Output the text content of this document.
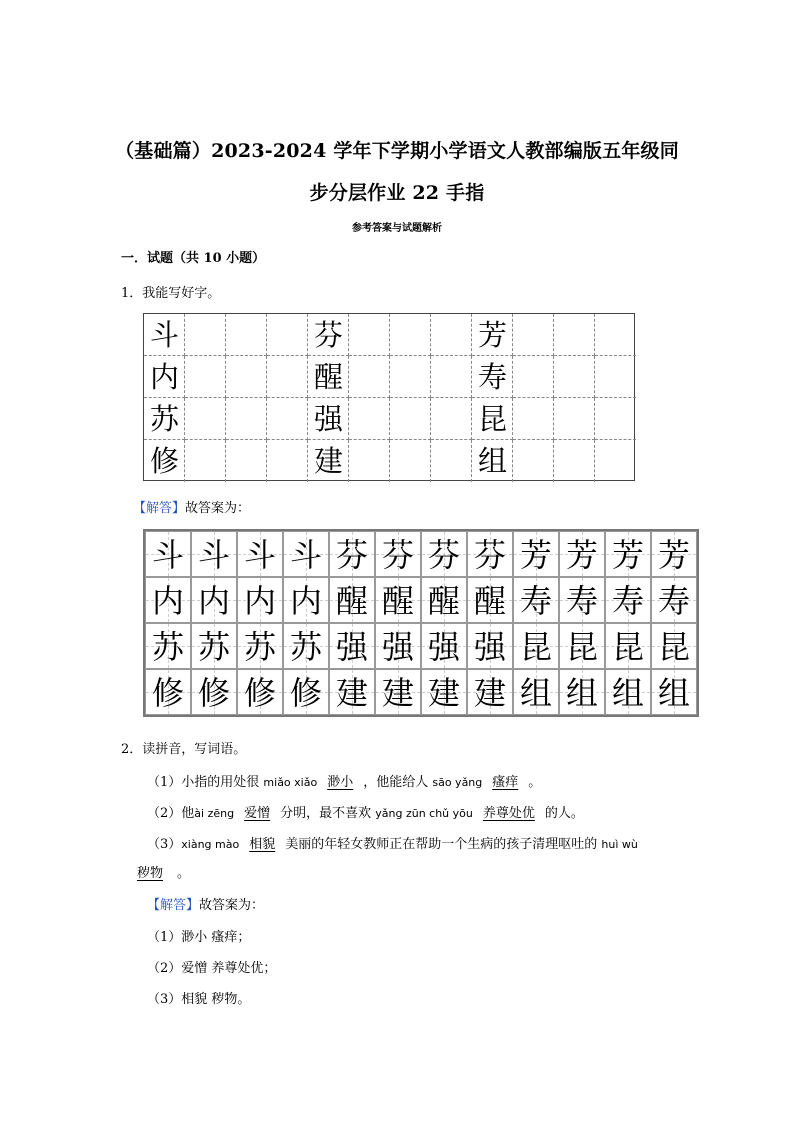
（基础篇）2023-2024 学年下学期小学语文人教部编版五年级同
步分层作业 22 手指
参考答案与试题解析
一．试题（共 10 小题）
1．我能写好字。
斗	芬	芳
内	醒	寿
苏	强	昆
修	建	组
【解答】故答案为：
斗 斗 斗 斗 芬 芬 芬 芬 芳 芳 芳 芳
内 内 内 内 醒 醒 醒 醒 寿 寿 寿 寿
苏 苏 苏 苏 强 强 强 强 昆 昆 昆 昆
修 修 修 修 建 建 建 建 组 组 组 组
2．读拼音，写词语。
（1）小指的用处很 miǎo xiǎo 渺小 ，他能给人 sāo yǎng 瘙痒 。
（2）他ài zēng 爱憎 分明，最不喜欢 yǎng zūn chǔ yōu 养尊处优 的人。
（3）xiàng mào 相貌 美丽的年轻女教师正在帮助一个生病的孩子清理呕吐的 huì wù
秽物 。
【解答】故答案为：
（1）渺小 瘙痒；
（2）爱憎 养尊处优；
（3）相貌 秽物。
